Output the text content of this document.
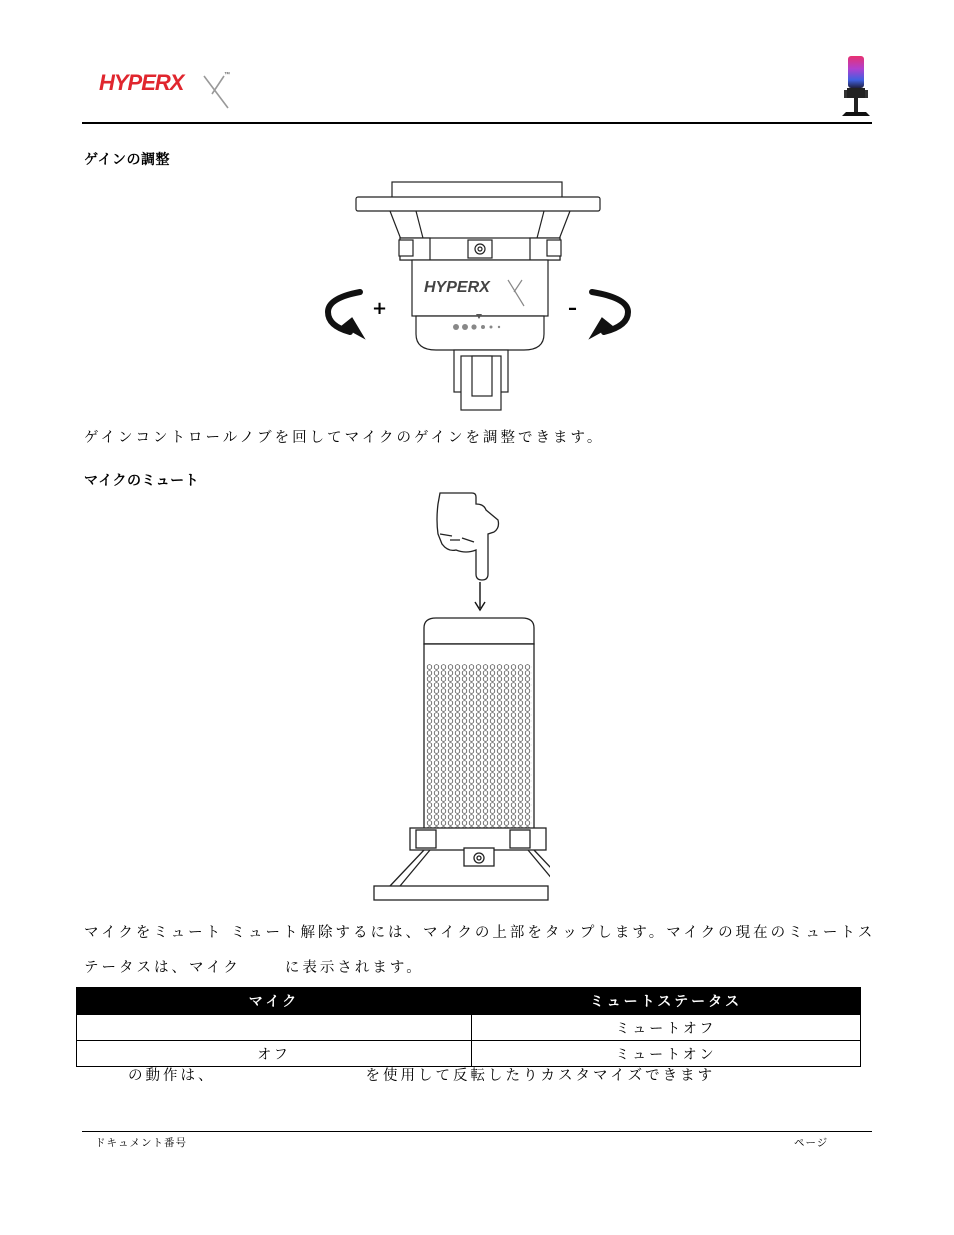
HYPERX	™
ゲインの調整
HYPERX
+	–
ゲインコントロールノブを回してマイクのゲインを調整できます。
マイクのミュート
マイクをミュート ミュート解除するには、マイクの上部をタップします。マイクの現在のミュートス
テータスは、マイク	に表示されます。
マイク	ミュートステータス
	ミュートオフ
オフ	ミュートオン
の動作は、	を使用して反転したりカスタマイズできます
ドキュメント番号	ページ
